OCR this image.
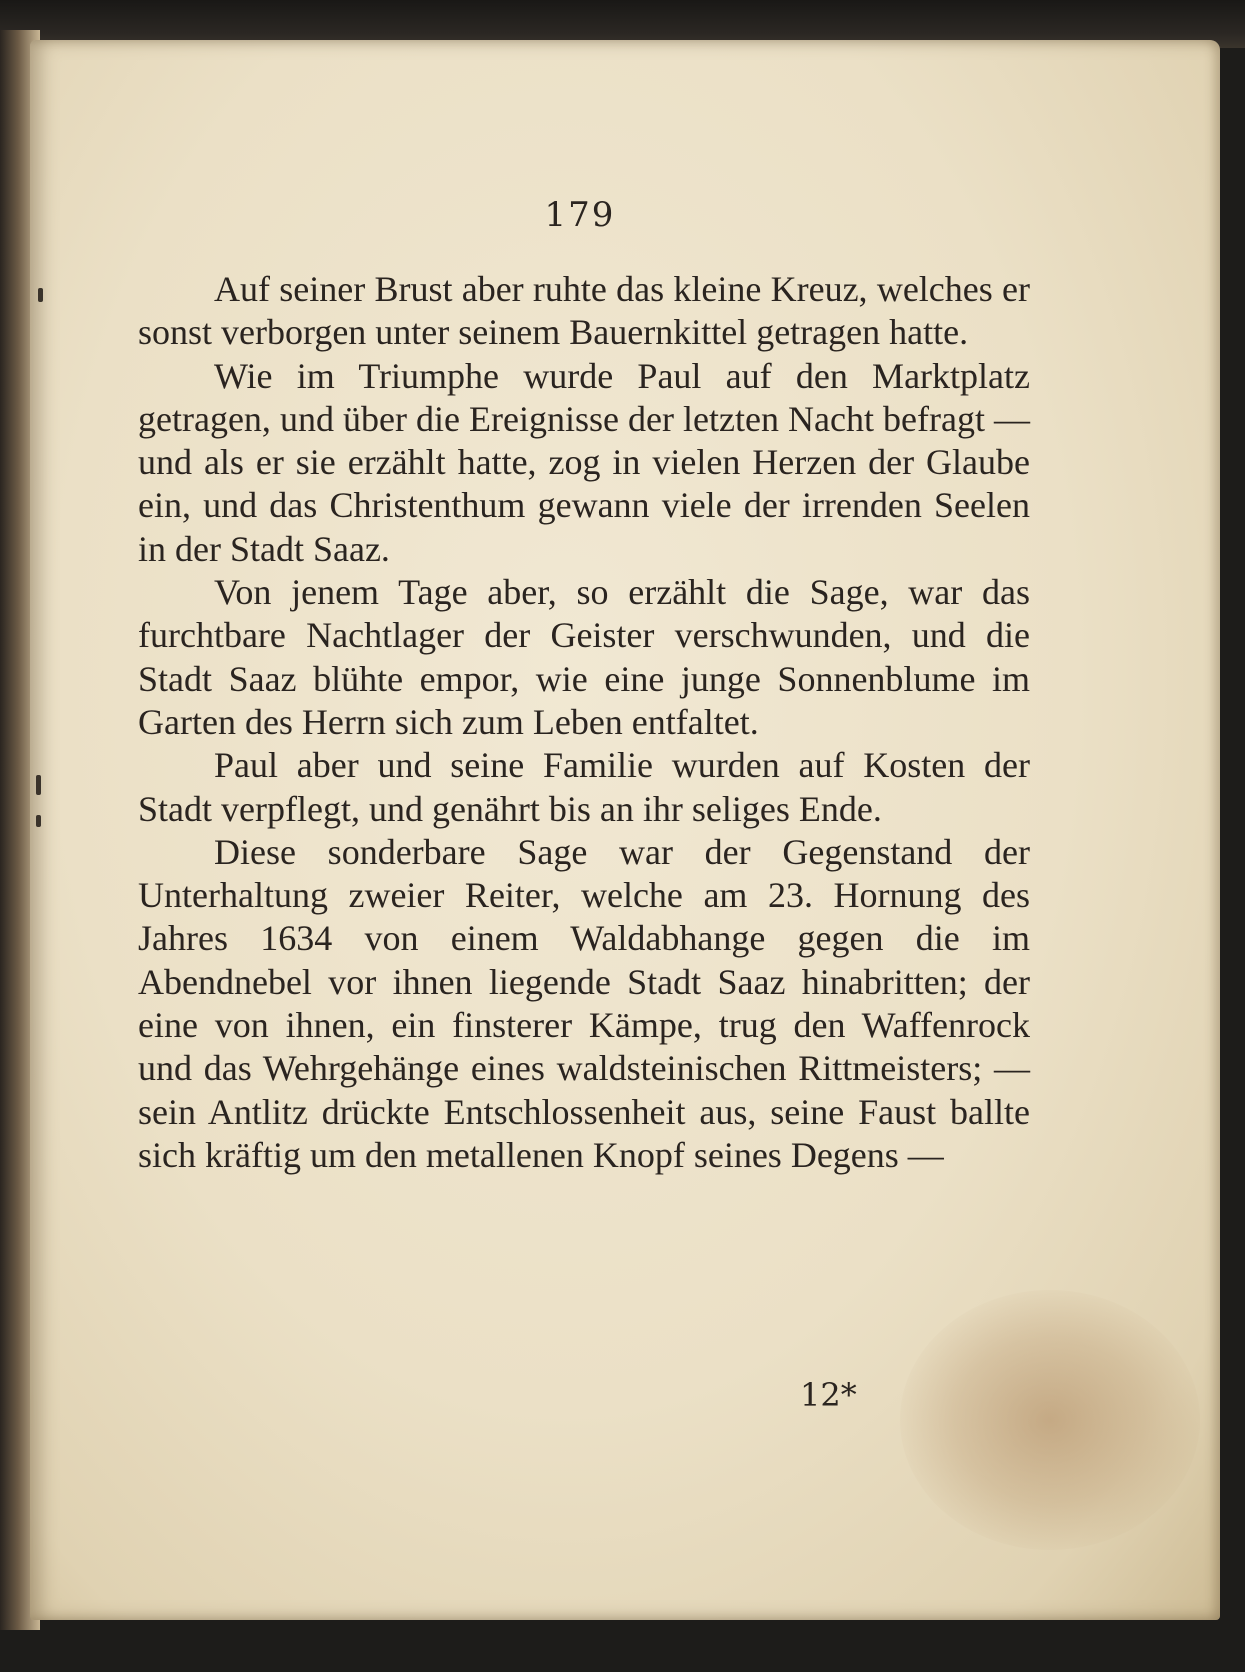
179

Auf seiner Brust aber ruhte das kleine Kreuz, welches er sonst verborgen unter seinem Bauernkittel getragen hatte.

Wie im Triumphe wurde Paul auf den Marktplatz getragen, und über die Ereignisse der letzten Nacht befragt — und als er sie erzählt hatte, zog in vielen Herzen der Glaube ein, und das Christenthum gewann viele der irrenden Seelen in der Stadt Saaz.

Von jenem Tage aber, so erzählt die Sage, war das furchtbare Nachtlager der Geister verschwunden, und die Stadt Saaz blühte empor, wie eine junge Sonnenblume im Garten des Herrn sich zum Leben entfaltet.

Paul aber und seine Familie wurden auf Kosten der Stadt verpflegt, und genährt bis an ihr seliges Ende.

Diese sonderbare Sage war der Gegenstand der Unterhaltung zweier Reiter, welche am 23. Hornung des Jahres 1634 von einem Waldabhange gegen die im Abendnebel vor ihnen liegende Stadt Saaz hinabritten; der eine von ihnen, ein finsterer Kämpe, trug den Waffenrock und das Wehrgehänge eines waldsteinischen Rittmeisters; — sein Antlitz drückte Entschlossenheit aus, seine Faust ballte sich kräftig um den metallenen Knopf seines Degens —

12*
